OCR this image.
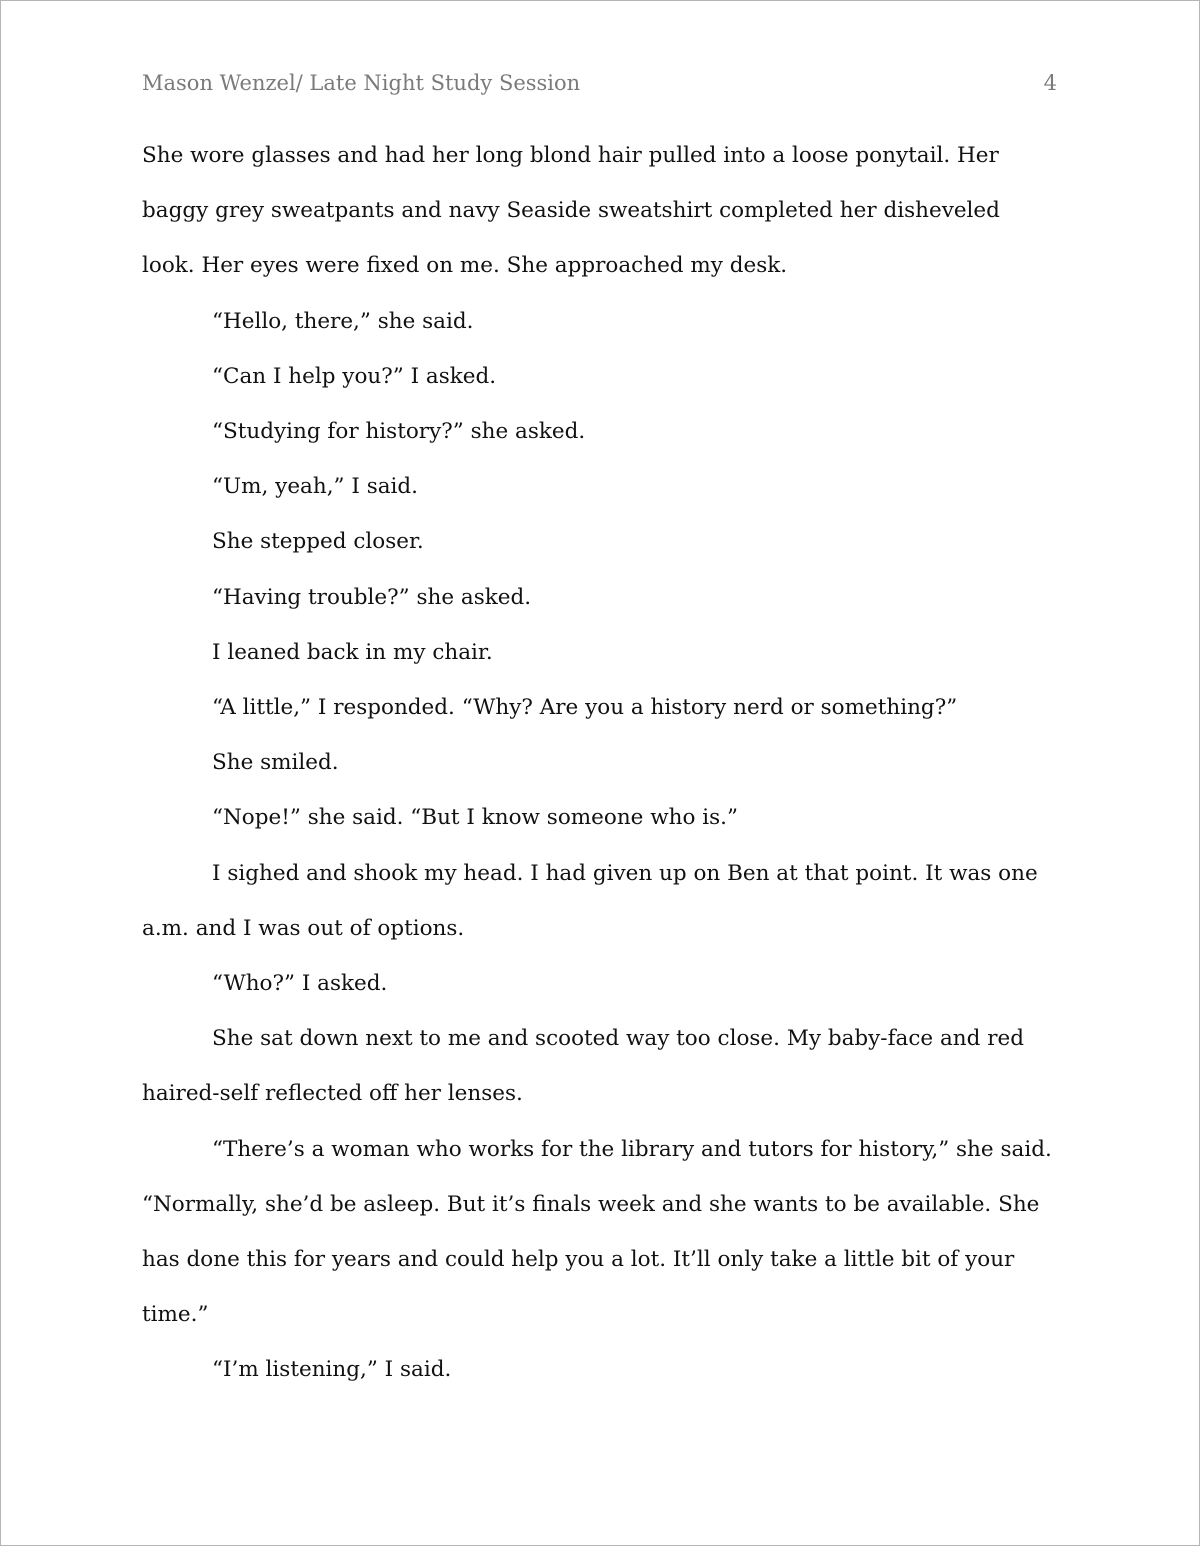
Mason Wenzel/ Late Night Study Session	4

She wore glasses and had her long blond hair pulled into a loose ponytail. Her baggy grey sweatpants and navy Seaside sweatshirt completed her disheveled look. Her eyes were fixed on me. She approached my desk.

“Hello, there,” she said.

“Can I help you?” I asked.

“Studying for history?” she asked.

“Um, yeah,” I said.

She stepped closer.

“Having trouble?” she asked.

I leaned back in my chair.

“A little,” I responded. “Why? Are you a history nerd or something?”

She smiled.

“Nope!” she said. “But I know someone who is.”

I sighed and shook my head. I had given up on Ben at that point. It was one a.m. and I was out of options.

“Who?” I asked.

She sat down next to me and scooted way too close. My baby-face and red haired-self reflected off her lenses.

“There’s a woman who works for the library and tutors for history,” she said. “Normally, she’d be asleep. But it’s finals week and she wants to be available. She has done this for years and could help you a lot. It’ll only take a little bit of your time.”

“I’m listening,” I said.
